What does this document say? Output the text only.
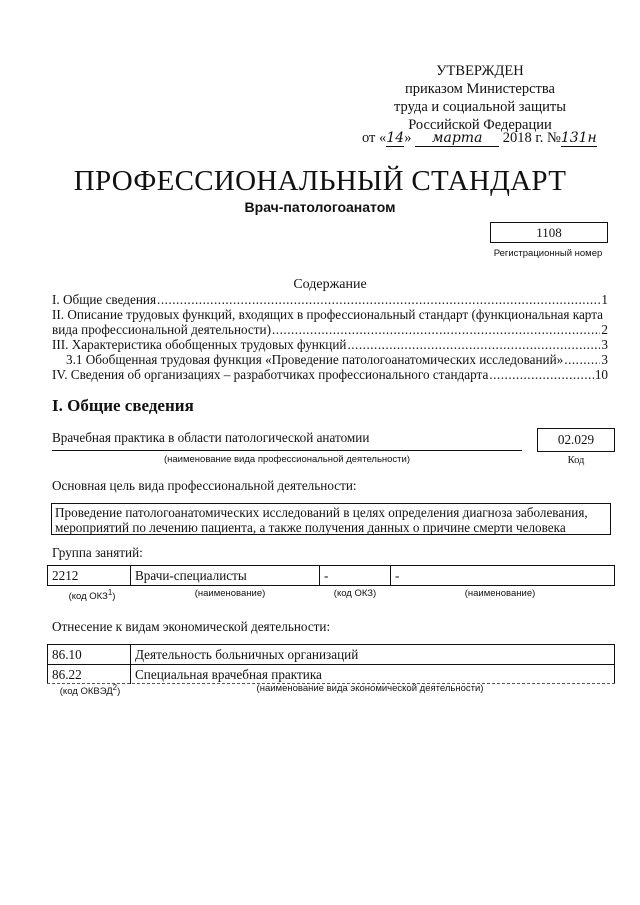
УТВЕРЖДЕН
приказом Министерства
труда и социальной защиты
Российской Федерации
от «14» марта 2018 г. №131н
ПРОФЕССИОНАЛЬНЫЙ СТАНДАРТ
Врач-патологоанатом
1108
Регистрационный номер
Содержание
I. Общие сведения .....	1
II. Описание трудовых функций, входящих в профессиональный стандарт (функциональная карта
вида профессиональной деятельности) .....	2
III. Характеристика обобщенных трудовых функций .....	3
3.1 Обобщенная трудовая функция «Проведение патологоанатомических исследований» .....	3
IV. Сведения об организациях – разработчиках профессионального стандарта .....	10
I. Общие сведения
Врачебная практика в области патологической анатомии
(наименование вида профессиональной деятельности)
02.029
Код
Основная цель вида профессиональной деятельности:
Проведение патологоанатомических исследований в целях определения диагноза заболевания, мероприятий по лечению пациента, а также получения данных о причине смерти человека
Группа занятий:
2212	Врачи-специалисты	-	-
(код ОКЗ$^1$)	(наименование)	(код ОКЗ)	(наименование)
Отнесение к видам экономической деятельности:
86.10	Деятельность больничных организаций
86.22	Специальная врачебная практика
(код ОКВЭД$^2$)	(наименование вида экономической деятельности)
